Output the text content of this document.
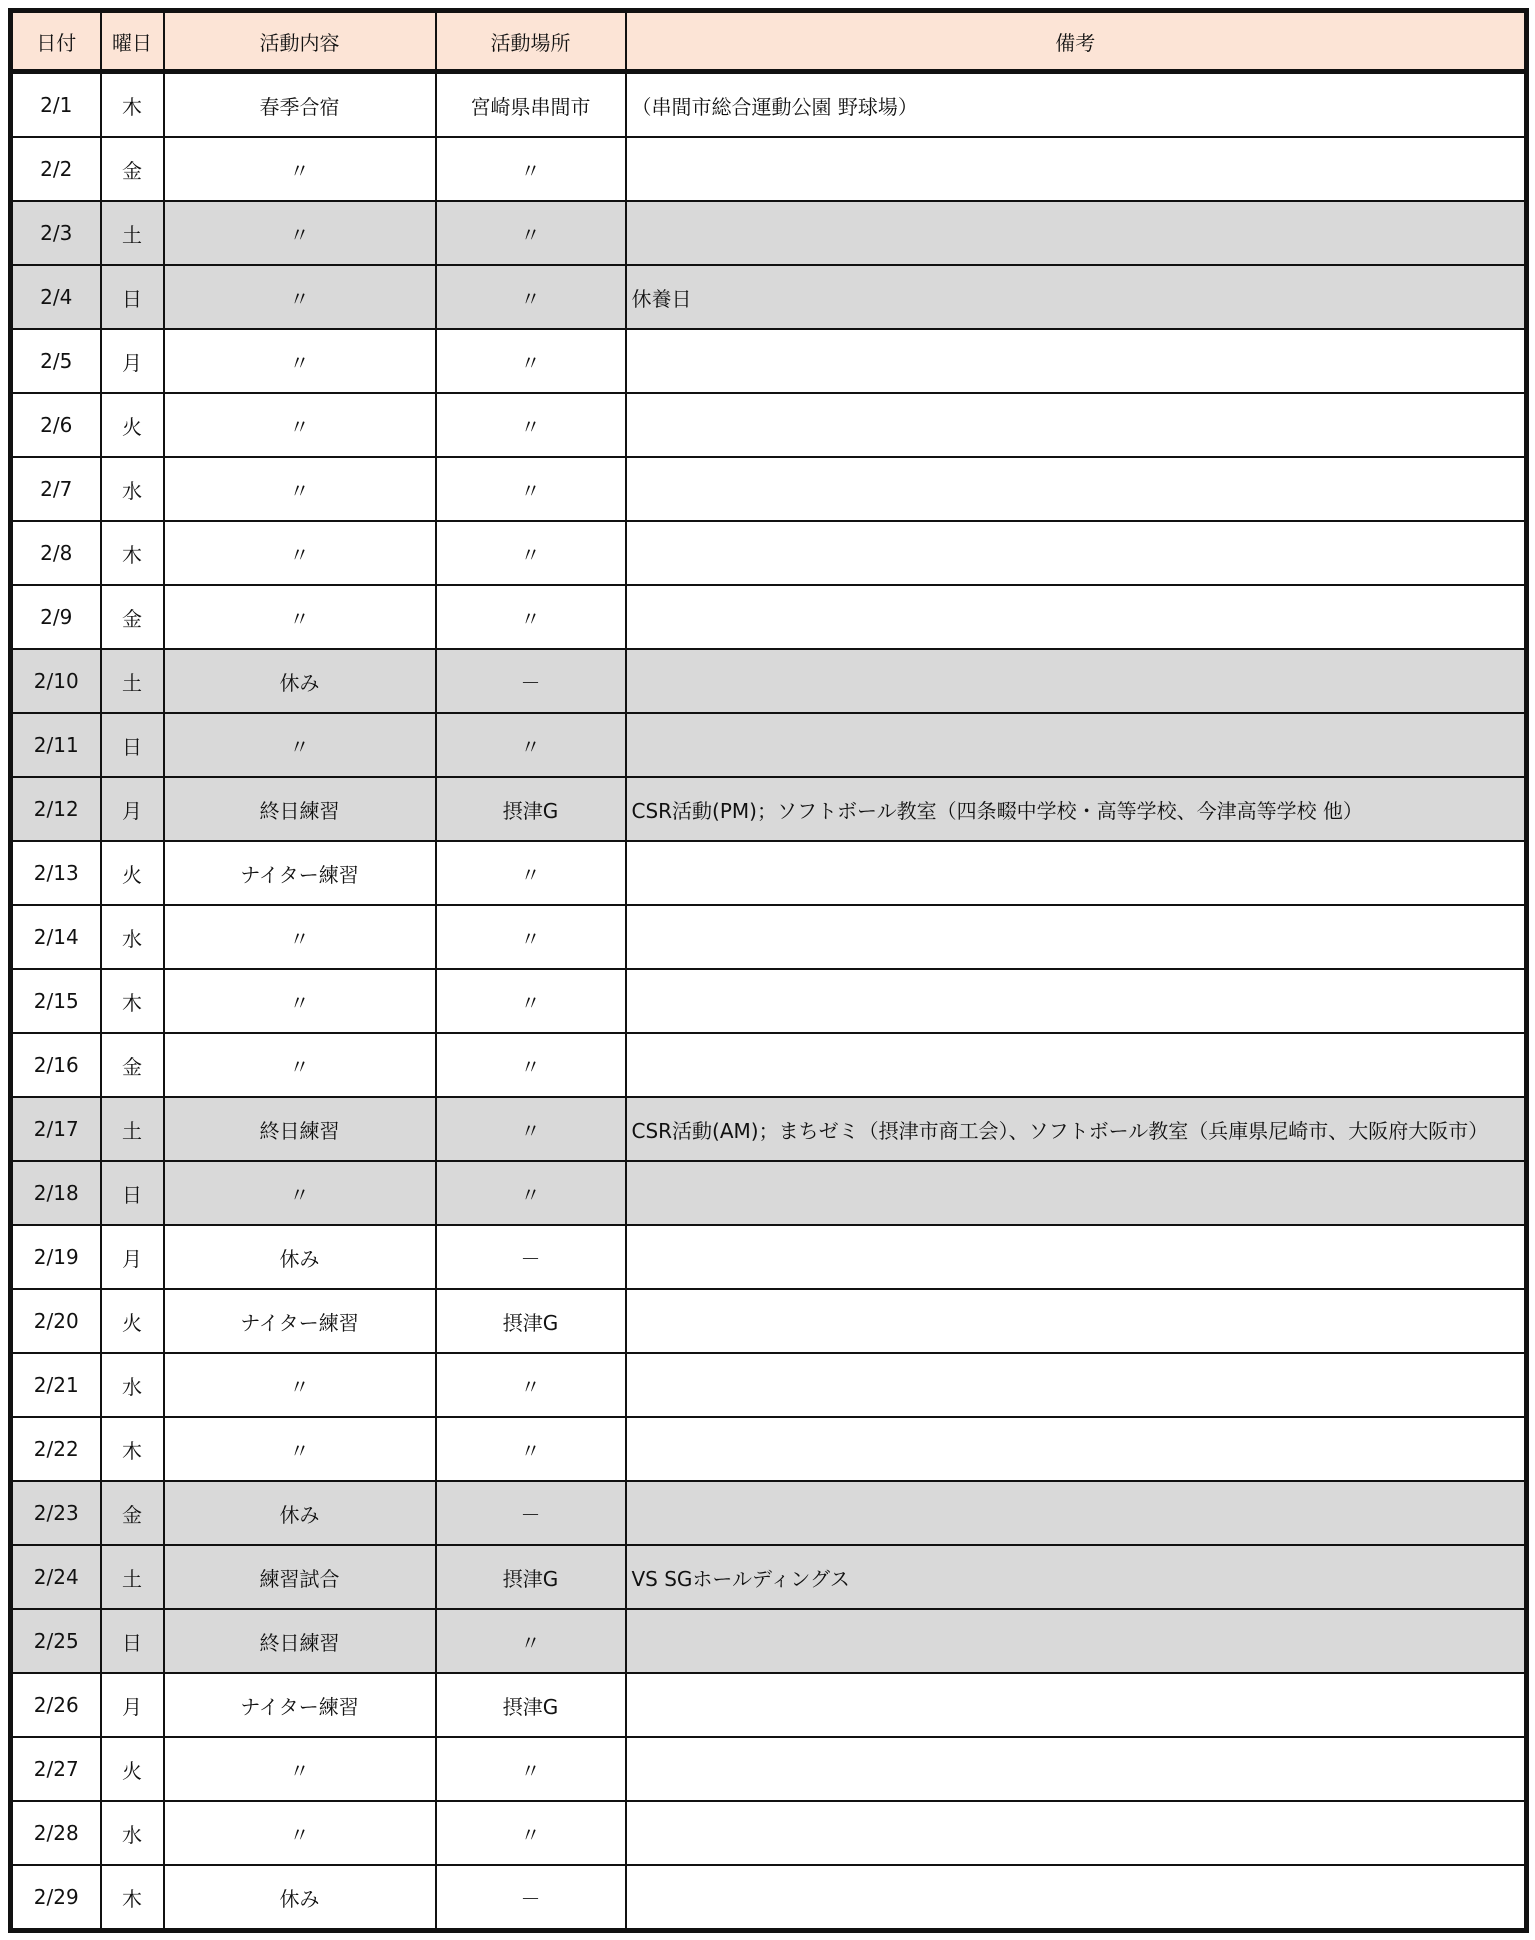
日付	曜日	活動内容	活動場所	備考
2/1	木	春季合宿	宮崎県串間市	（串間市総合運動公園 野球場）
2/2	金	〃	〃	
2/3	土	〃	〃	
2/4	日	〃	〃	休養日
2/5	月	〃	〃	
2/6	火	〃	〃	
2/7	水	〃	〃	
2/8	木	〃	〃	
2/9	金	〃	〃	
2/10	土	休み	－	
2/11	日	〃	〃	
2/12	月	終日練習	摂津G	CSR活動(PM)；ソフトボール教室（四条畷中学校・高等学校、今津高等学校 他）
2/13	火	ナイター練習	〃	
2/14	水	〃	〃	
2/15	木	〃	〃	
2/16	金	〃	〃	
2/17	土	終日練習	〃	CSR活動(AM)；まちゼミ（摂津市商工会）、ソフトボール教室（兵庫県尼崎市、大阪府大阪市）
2/18	日	〃	〃	
2/19	月	休み	－	
2/20	火	ナイター練習	摂津G	
2/21	水	〃	〃	
2/22	木	〃	〃	
2/23	金	休み	－	
2/24	土	練習試合	摂津G	VS SGホールディングス
2/25	日	終日練習	〃	
2/26	月	ナイター練習	摂津G	
2/27	火	〃	〃	
2/28	水	〃	〃	
2/29	木	休み	－	
